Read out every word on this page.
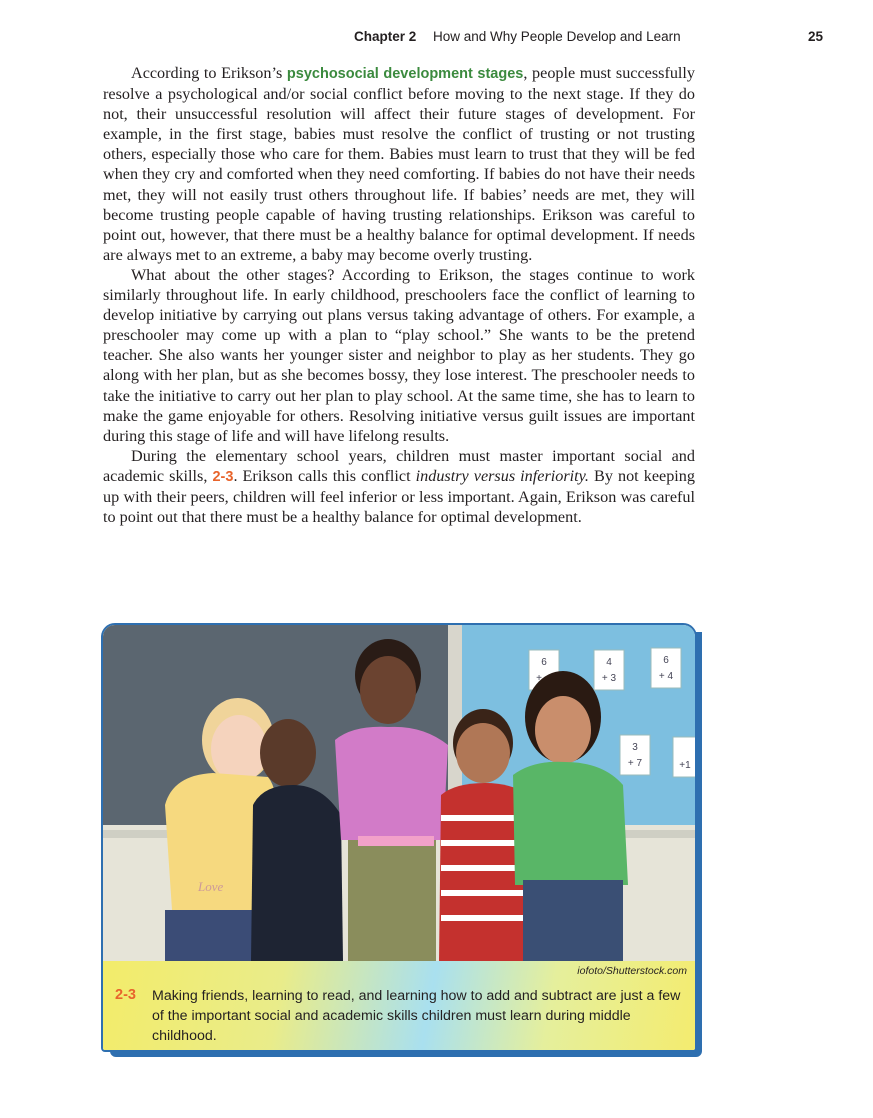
Chapter 2 How and Why People Develop and Learn	25

According to Erikson’s psychosocial development stages, people must successfully resolve a psychological and/or social conflict before moving to the next stage. If they do not, their unsuccessful resolution will affect their future stages of development. For example, in the first stage, babies must resolve the conflict of trusting or not trusting others, especially those who care for them. Babies must learn to trust that they will be fed when they cry and comforted when they need comforting. If babies do not have their needs met, they will not easily trust others throughout life. If babies’ needs are met, they will become trusting people capable of having trusting relationships. Erikson was careful to point out, however, that there must be a healthy balance for optimal development. If needs are always met to an extreme, a baby may become overly trusting.

What about the other stages? According to Erikson, the stages continue to work similarly throughout life. In early childhood, preschoolers face the conflict of learning to develop initiative by carrying out plans versus taking advantage of others. For example, a preschooler may come up with a plan to “play school.” She wants to be the pretend teacher. She also wants her younger sister and neighbor to play as her students. They go along with her plan, but as she becomes bossy, they lose interest. The preschooler needs to take the initiative to carry out her plan to play school. At the same time, she has to learn to make the game enjoyable for others. Resolving initiative versus guilt issues are important during this stage of life and will have lifelong results.

During the elementary school years, children must master important social and academic skills, 2-3. Erikson calls this conflict industry versus inferiority. By not keeping up with their peers, children will feel inferior or less important. Again, Erikson was careful to point out that there must be a healthy balance for optimal development.

6
+
4
+ 3
6
+ 4
3
+ 7	+1
Love
iofoto/Shutterstock.com
2-3 Making friends, learning to read, and learning how to add and subtract are just a few of the important social and academic skills children must learn during middle childhood.
